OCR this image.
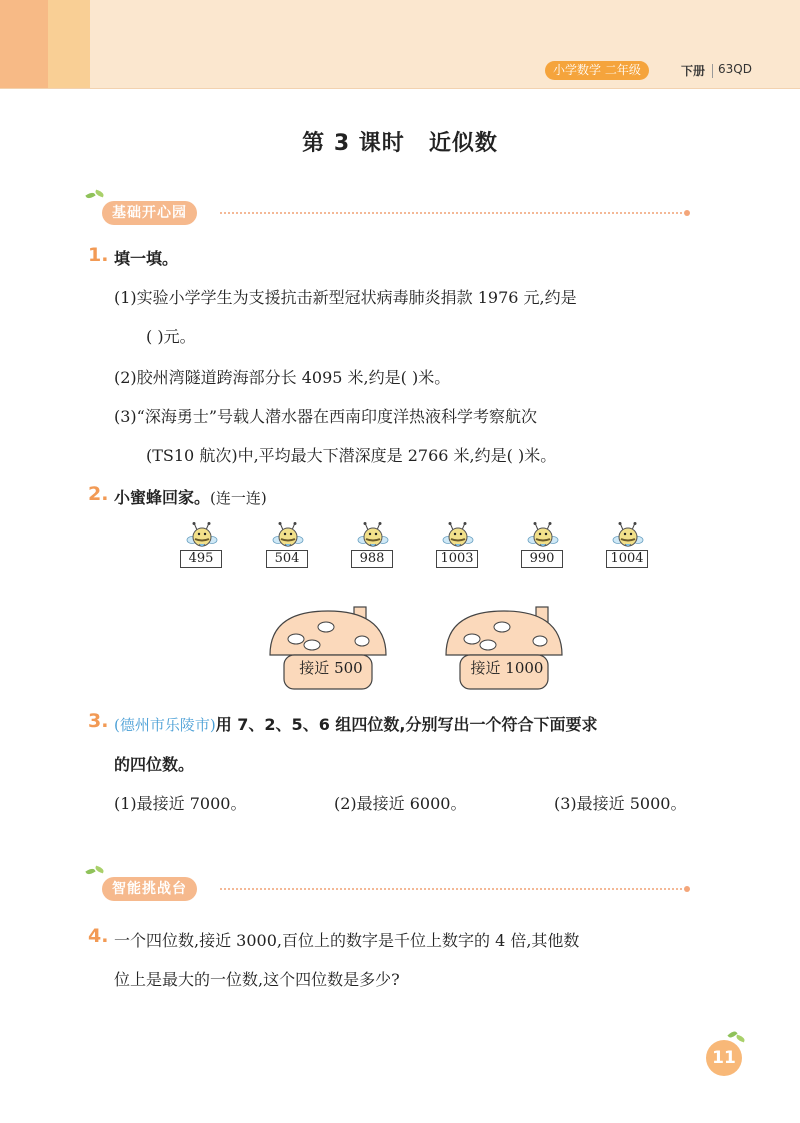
小学数学 二年级	下册 63QD
第 3 课时 近似数
基础开心园
1. 填一填。
(1)实验小学学生为支援抗击新型冠状病毒肺炎捐款 1976 元,约是
( )元。
(2)胶州湾隧道跨海部分长 4095 米,约是( )米。
(3)“深海勇士”号载人潜水器在西南印度洋热液科学考察航次
(TS10 航次)中,平均最大下潜深度是 2766 米,约是( )米。
2. 小蜜蜂回家。(连一连)
495	504	988	1003	990	1004
接近 500	接近 1000
3. (德州市乐陵市)用 7、2、5、6 组四位数,分别写出一个符合下面要求
的四位数。
(1)最接近 7000。	(2)最接近 6000。	(3)最接近 5000。
智能挑战台
4. 一个四位数,接近 3000,百位上的数字是千位上数字的 4 倍,其他数
位上是最大的一位数,这个四位数是多少?
11
